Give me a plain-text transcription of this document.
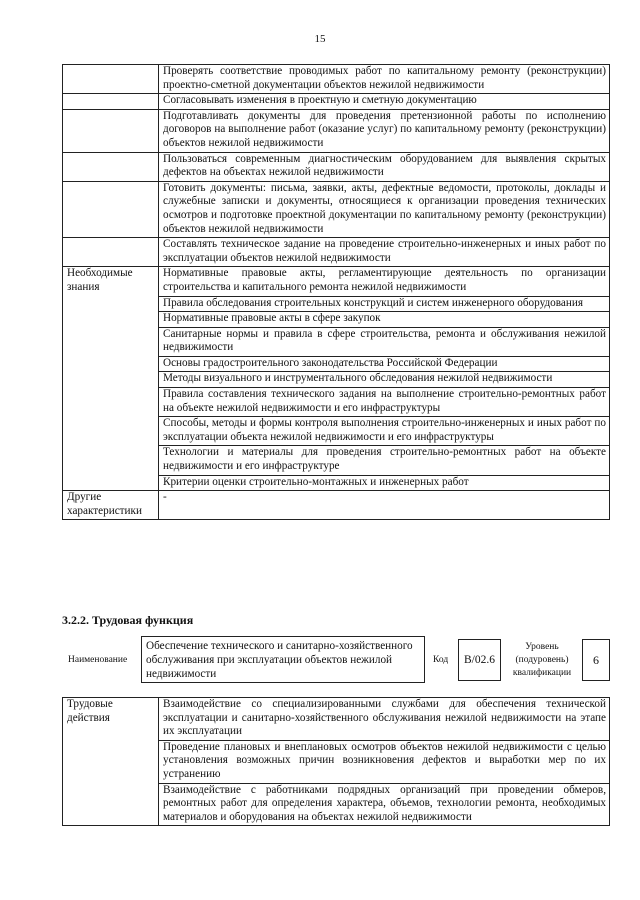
15
	Проверять соответствие проводимых работ по капитальному ремонту (реконструкции) проектно-сметной документации объектов нежилой недвижимости
	Согласовывать изменения в проектную и сметную документацию
	Подготавливать документы для проведения претензионной работы по исполнению договоров на выполнение работ (оказание услуг) по капитальному ремонту (реконструкции) объектов нежилой недвижимости
	Пользоваться современным диагностическим оборудованием для выявления скрытых дефектов на объектах нежилой недвижимости
	Готовить документы: письма, заявки, акты, дефектные ведомости, протоколы, доклады и служебные записки и документы, относящиеся к организации проведения технических осмотров и подготовке проектной документации по капитальному ремонту (реконструкции) объектов нежилой недвижимости
	Составлять техническое задание на проведение строительно-инженерных и иных работ по эксплуатации объектов нежилой недвижимости
Необходимые знания	Нормативные правовые акты, регламентирующие деятельность по организации строительства и капитального ремонта нежилой недвижимости
	Правила обследования строительных конструкций и систем инженерного оборудования
	Нормативные правовые акты в сфере закупок
	Санитарные нормы и правила в сфере строительства, ремонта и обслуживания нежилой недвижимости
	Основы градостроительного законодательства Российской Федерации
	Методы визуального и инструментального обследования нежилой недвижимости
	Правила составления технического задания на выполнение строительно-ремонтных работ на объекте нежилой недвижимости и его инфраструктуры
	Способы, методы и формы контроля выполнения строительно-инженерных и иных работ по эксплуатации объекта нежилой недвижимости и его инфраструктуры
	Технологии и материалы для проведения строительно-ремонтных работ на объекте недвижимости и его инфраструктуре
	Критерии оценки строительно-монтажных и инженерных работ
Другие характеристики	-
3.2.2. Трудовая функция
Наименование
Обеспечение технического и санитарно-хозяйственного обслуживания при эксплуатации объектов нежилой недвижимости
Код	B/02.6
Уровень (подуровень) квалификации
6
Трудовые действия	Взаимодействие со специализированными службами для обеспечения технической эксплуатации и санитарно-хозяйственного обслуживания нежилой недвижимости на этапе их эксплуатации
Проведение плановых и внеплановых осмотров объектов нежилой недвижимости с целью установления возможных причин возникновения дефектов и выработки мер по их устранению
Взаимодействие с работниками подрядных организаций при проведении обмеров, ремонтных работ для определения характера, объемов, технологии ремонта, необходимых материалов и оборудования на объектах нежилой недвижимости
